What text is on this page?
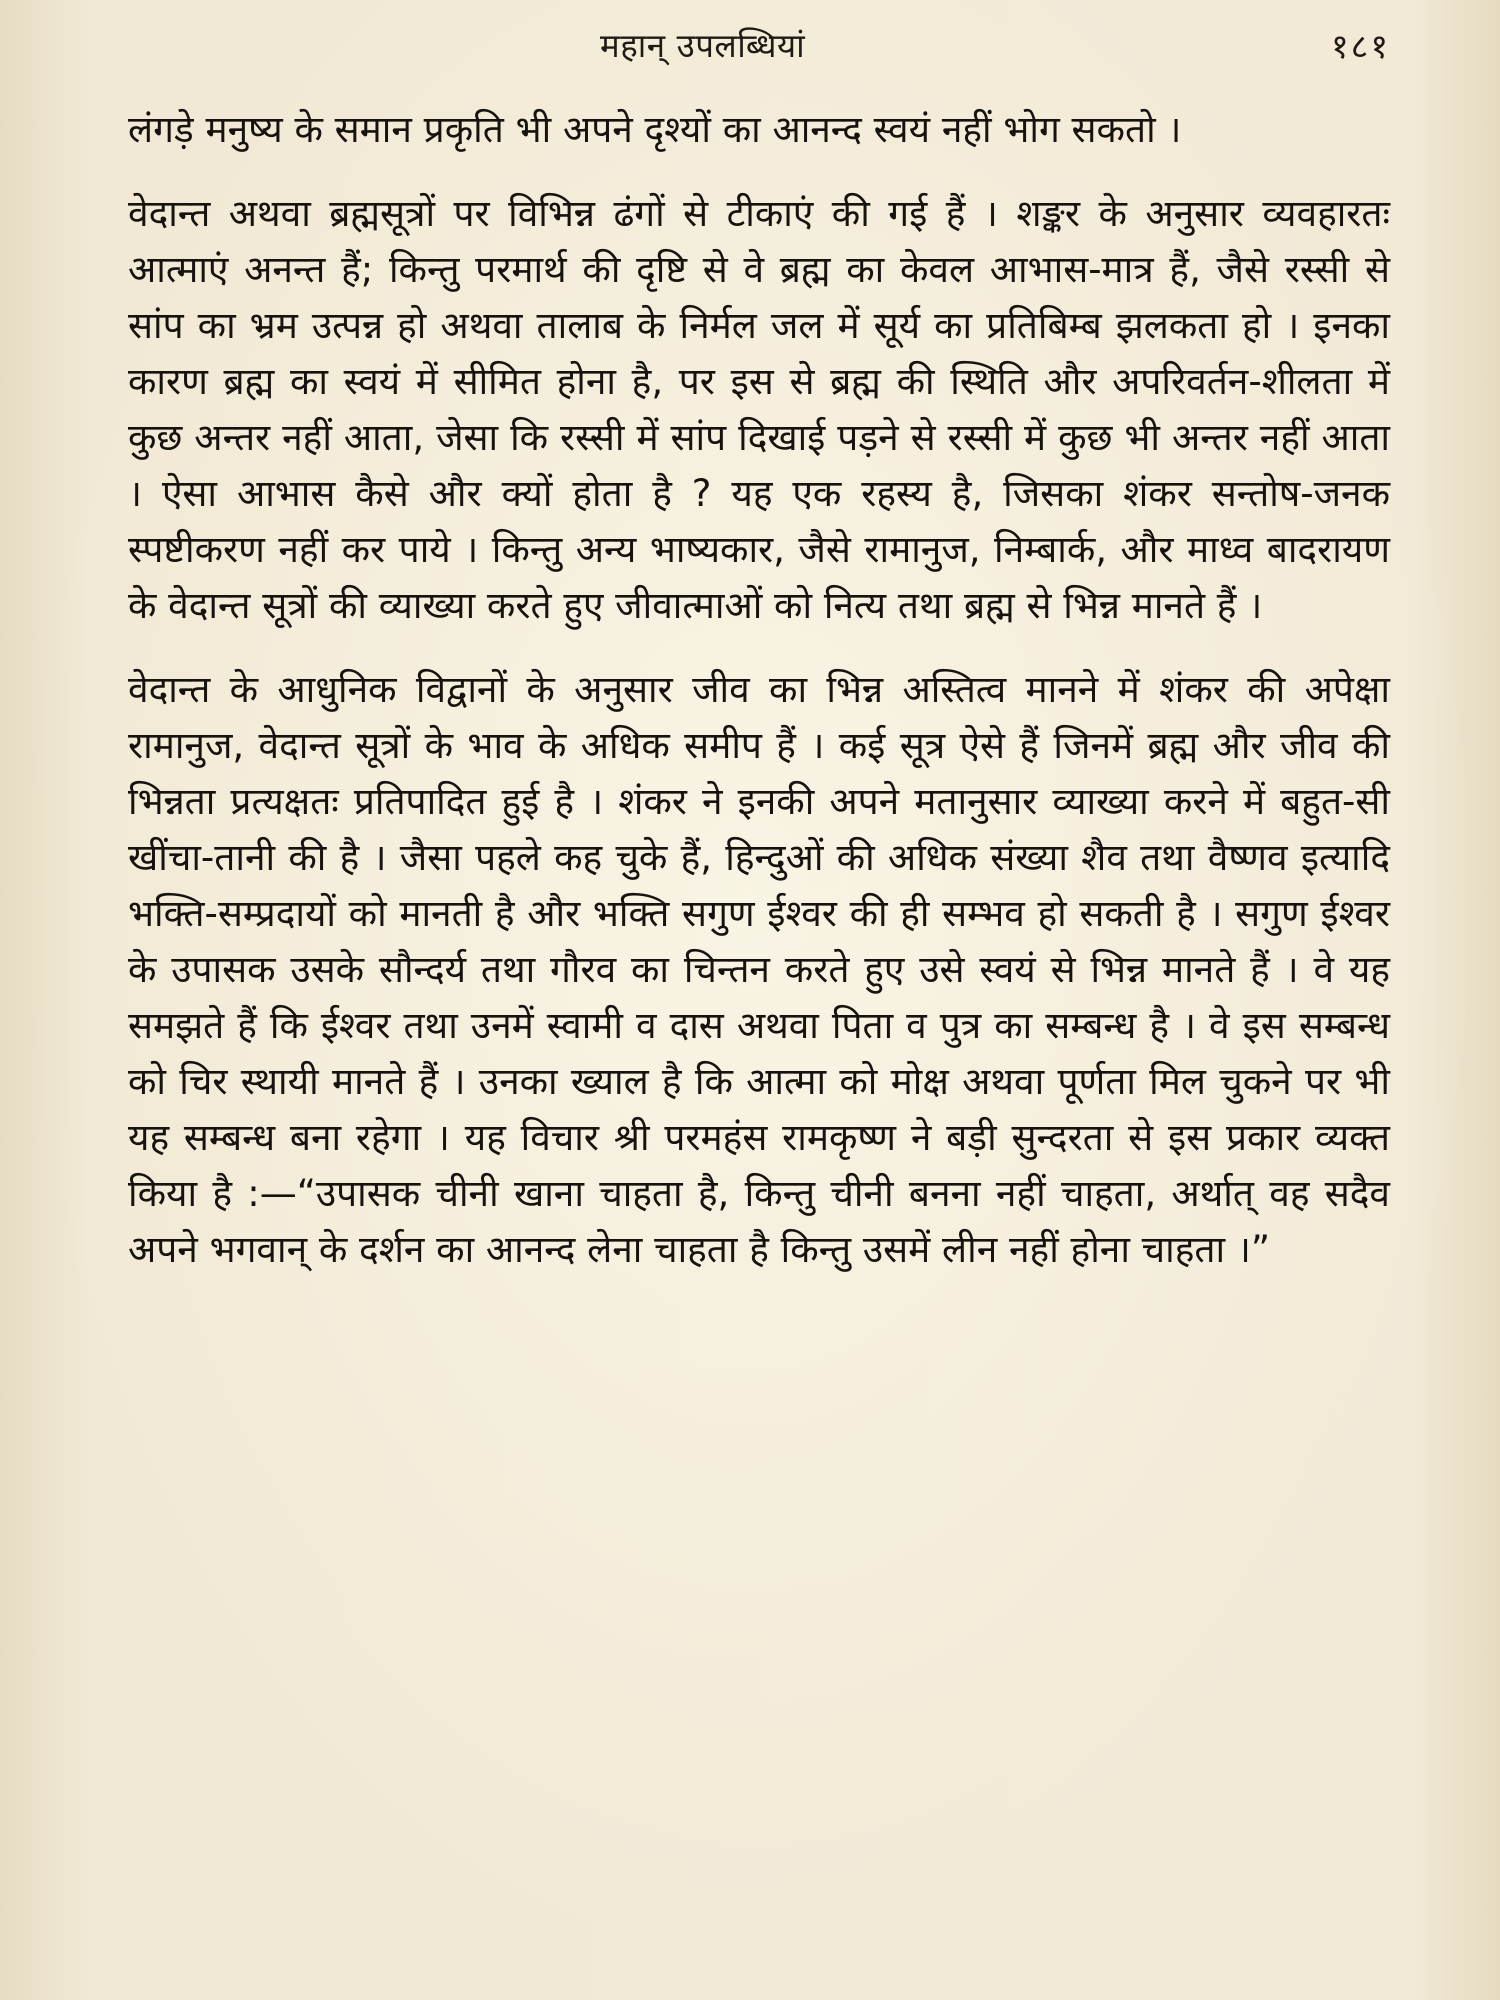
महान् उपलब्धियां	१८१

लंगड़े मनुष्य के समान प्रकृति भी अपने दृश्यों का आनन्द स्वयं नहीं भोग सकतो ।

वेदान्त अथवा ब्रह्मसूत्रों पर विभिन्न ढंगों से टीकाएं की गई हैं । शङ्कर के अनुसार व्यवहारतः आत्माएं अनन्त हैं; किन्तु परमार्थ की दृष्टि से वे ब्रह्म का केवल आभास-मात्र हैं, जैसे रस्सी से सांप का भ्रम उत्पन्न हो अथवा तालाब के निर्मल जल में सूर्य का प्रतिबिम्ब झलकता हो । इनका कारण ब्रह्म का स्वयं में सीमित होना है, पर इस से ब्रह्म की स्थिति और अपरिवर्तन-शीलता में कुछ अन्तर नहीं आता, जेसा कि रस्सी में सांप दिखाई पड़ने से रस्सी में कुछ भी अन्तर नहीं आता । ऐसा आभास कैसे और क्यों होता है ? यह एक रहस्य है, जिसका शंकर सन्तोष-जनक स्पष्टीकरण नहीं कर पाये । किन्तु अन्य भाष्यकार, जैसे रामानुज, निम्बार्क, और माध्व बादरायण के वेदान्त सूत्रों की व्याख्या करते हुए जीवात्माओं को नित्य तथा ब्रह्म से भिन्न मानते हैं ।

वेदान्त के आधुनिक विद्वानों के अनुसार जीव का भिन्न अस्तित्व मानने में शंकर की अपेक्षा रामानुज, वेदान्त सूत्रों के भाव के अधिक समीप हैं । कई सूत्र ऐसे हैं जिनमें ब्रह्म और जीव की भिन्नता प्रत्यक्षतः प्रतिपादित हुई है । शंकर ने इनकी अपने मतानुसार व्याख्या करने में बहुत-सी खींचा-तानी की है । जैसा पहले कह चुके हैं, हिन्दुओं की अधिक संख्या शैव तथा वैष्णव इत्यादि भक्ति-सम्प्रदायों को मानती है और भक्ति सगुण ईश्वर की ही सम्भव हो सकती है । सगुण ईश्वर के उपासक उसके सौन्दर्य तथा गौरव का चिन्तन करते हुए उसे स्वयं से भिन्न मानते हैं । वे यह समझते हैं कि ईश्वर तथा उनमें स्वामी व दास अथवा पिता व पुत्र का सम्बन्ध है । वे इस सम्बन्ध को चिर स्थायी मानते हैं । उनका ख्याल है कि आत्मा को मोक्ष अथवा पूर्णता मिल चुकने पर भी यह सम्बन्ध बना रहेगा । यह विचार श्री परमहंस रामकृष्ण ने बड़ी सुन्दरता से इस प्रकार व्यक्त किया है :—“उपासक चीनी खाना चाहता है, किन्तु चीनी बनना नहीं चाहता, अर्थात् वह सदैव अपने भगवान् के दर्शन का आनन्द लेना चाहता है किन्तु उसमें लीन नहीं होना चाहता ।”
